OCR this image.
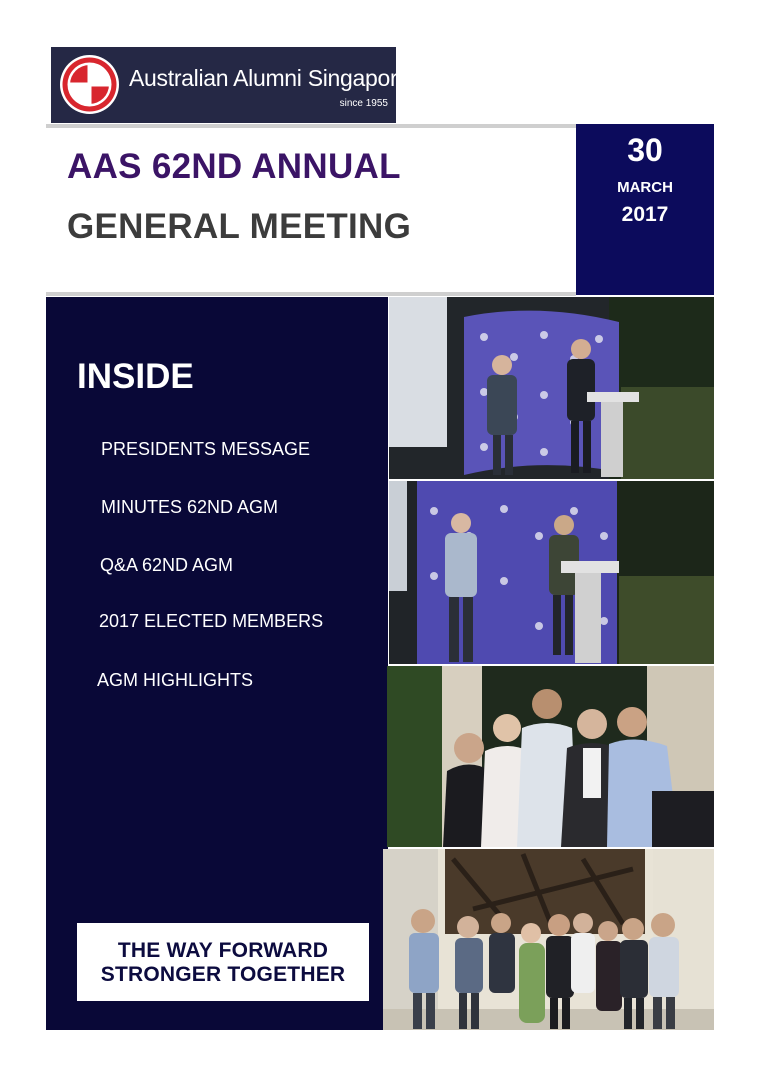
Australian Alumni Singapore
since 1955
AAS 62ND ANNUAL
GENERAL MEETING
30
MARCH
2017
INSIDE
PRESIDENTS MESSAGE
MINUTES 62ND AGM
Q&A 62ND AGM
2017 ELECTED MEMBERS
AGM HIGHLIGHTS
THE WAY FORWARD
STRONGER TOGETHER
